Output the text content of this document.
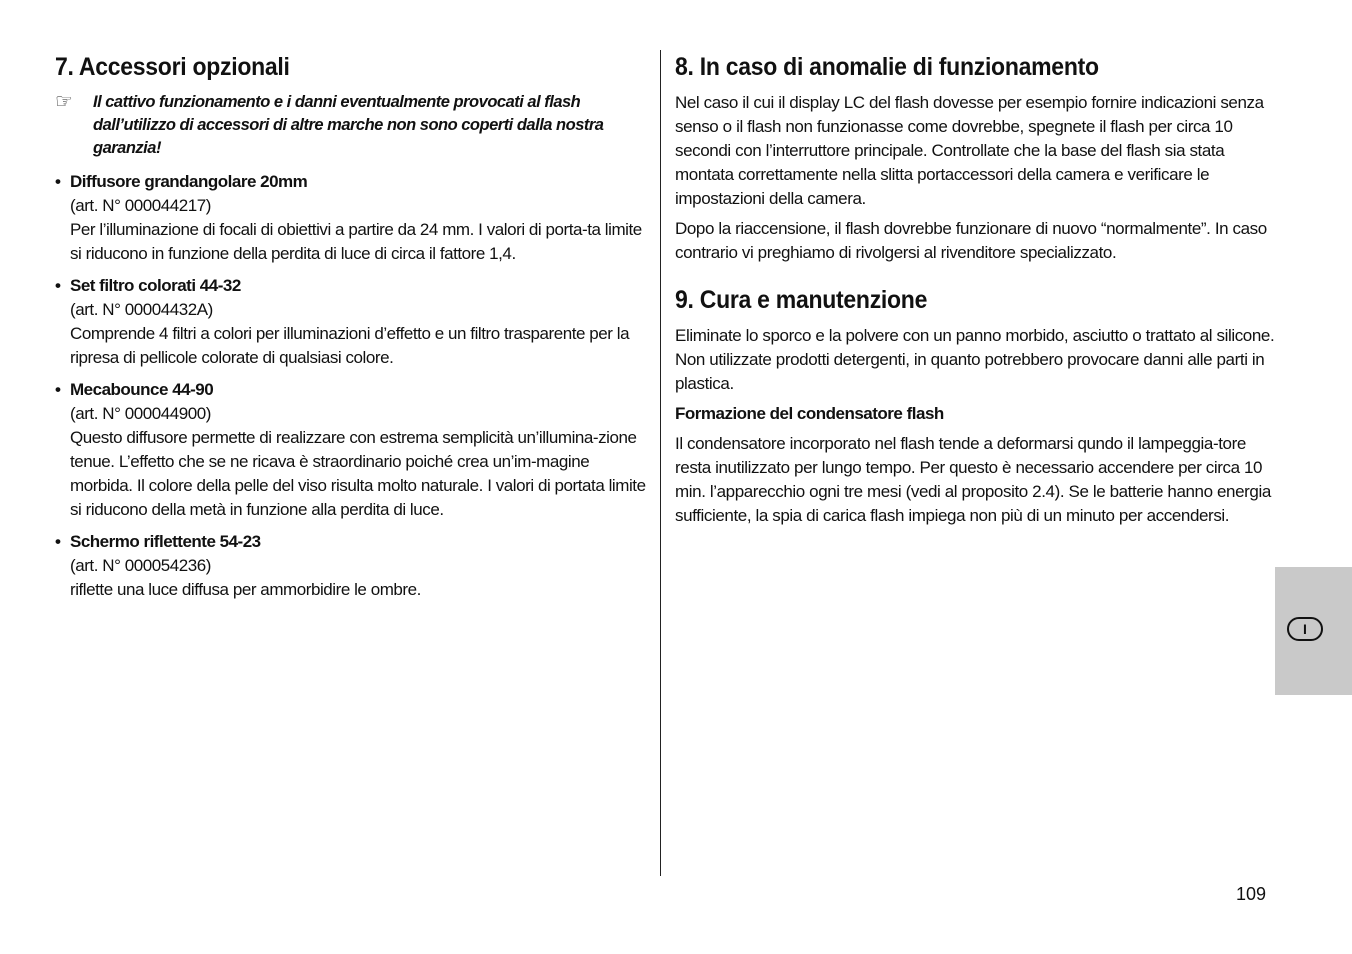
7. Accessori opzionali
☞	Il cattivo funzionamento e i danni eventualmente provocati al flash dall’utilizzo di accessori di altre marche non sono coperti dalla nostra garanzia!

• Diffusore grandangolare 20mm
(art. N° 000044217)
Per l’illuminazione di focali di obiettivi a partire da 24 mm. I valori di porta-ta limite si riducono in funzione della perdita di luce di circa il fattore 1,4.
• Set filtro colorati 44-32
(art. N° 00004432A)
Comprende 4 filtri a colori per illuminazioni d’effetto e un filtro trasparente per la ripresa di pellicole colorate di qualsiasi colore.
• Mecabounce 44-90
(art. N° 000044900)
Questo diffusore permette di realizzare con estrema semplicità un’illumina-zione tenue. L’effetto che se ne ricava è straordinario poiché crea un’im-magine morbida. Il colore della pelle del viso risulta molto naturale. I valori di portata limite si riducono della metà in funzione alla perdita di luce.
• Schermo riflettente 54-23
(art. N° 000054236)
riflette una luce diffusa per ammorbidire le ombre.
8. In caso di anomalie di funzionamento

Nel caso il cui il display LC del flash dovesse per esempio fornire indicazioni senza senso o il flash non funzionasse come dovrebbe, spegnete il flash per circa 10 secondi con l’interruttore principale. Controllate che la base del flash sia stata montata correttamente nella slitta portaccessori della camera e verificare le impostazioni della camera.

Dopo la riaccensione, il flash dovrebbe funzionare di nuovo “normalmente”. In caso contrario vi preghiamo di rivolgersi al rivenditore specializzato.

9. Cura e manutenzione

Eliminate lo sporco e la polvere con un panno morbido, asciutto o trattato al silicone. Non utilizzate prodotti detergenti, in quanto potrebbero provocare danni alle parti in plastica.

Formazione del condensatore flash

Il condensatore incorporato nel flash tende a deformarsi qundo il lampeggia-tore resta inutilizzato per lungo tempo. Per questo è necessario accendere per circa 10 min. l’apparecchio ogni tre mesi (vedi al proposito 2.4). Se le batterie hanno energia sufficiente, la spia di carica flash impiega non più di un minuto per accendersi.

I
109
